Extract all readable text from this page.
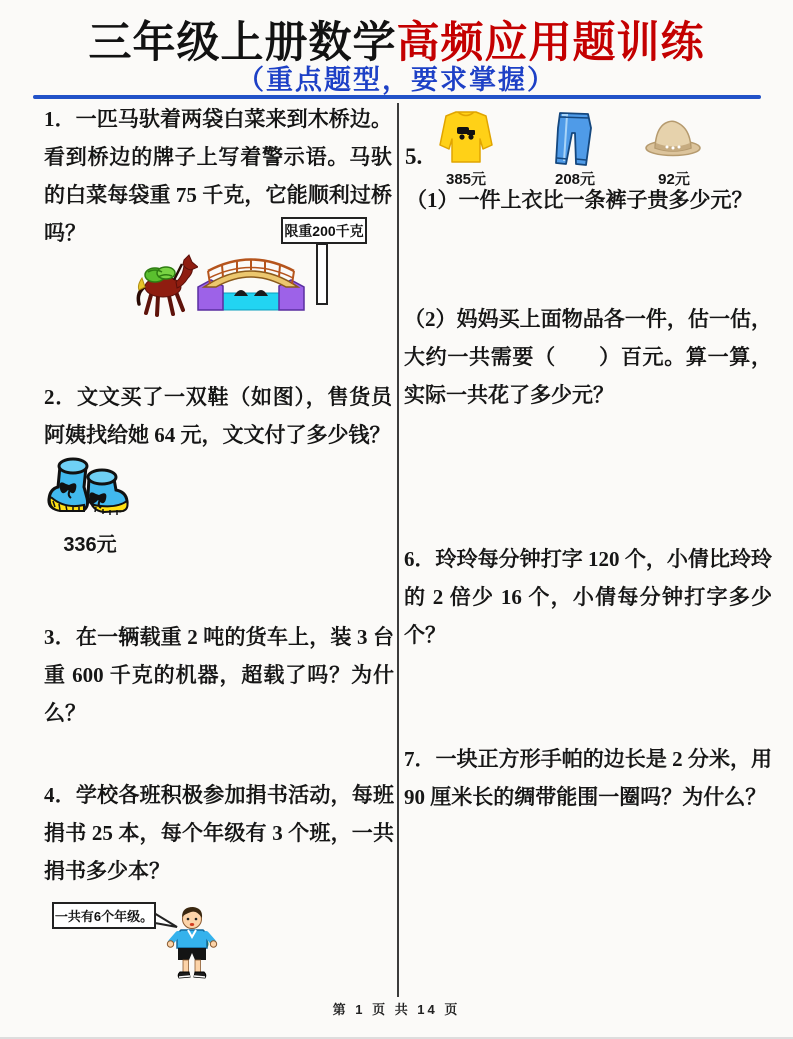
三年级上册数学高频应用题训练
（重点题型，要求掌握）
1．一匹马驮着两袋白菜来到木桥边。看到桥边的牌子上写着警示语。马驮的白菜每袋重 75 千克，它能顺利过桥吗？	限重200千克
2．文文买了一双鞋（如图），售货员阿姨找给她 64 元，文文付了多少钱？
336元
3．在一辆载重 2 吨的货车上，装 3 台重 600 千克的机器，超载了吗？为什么？
4．学校各班积极参加捐书活动，每班捐书 25 本，每个年级有 3 个班，一共捐书多少本？
一共有6个年级。
5.
385元	208元	92元
（1）一件上衣比一条裤子贵多少元？
（2）妈妈买上面物品各一件，估一估，大约一共需要（　　）百元。算一算，实际一共花了多少元？
6．玲玲每分钟打字 120 个，小倩比玲玲的 2 倍少 16 个，小倩每分钟打字多少个？
7．一块正方形手帕的边长是 2 分米，用 90 厘米长的绸带能围一圈吗？为什么？
第 1 页 共 14 页
